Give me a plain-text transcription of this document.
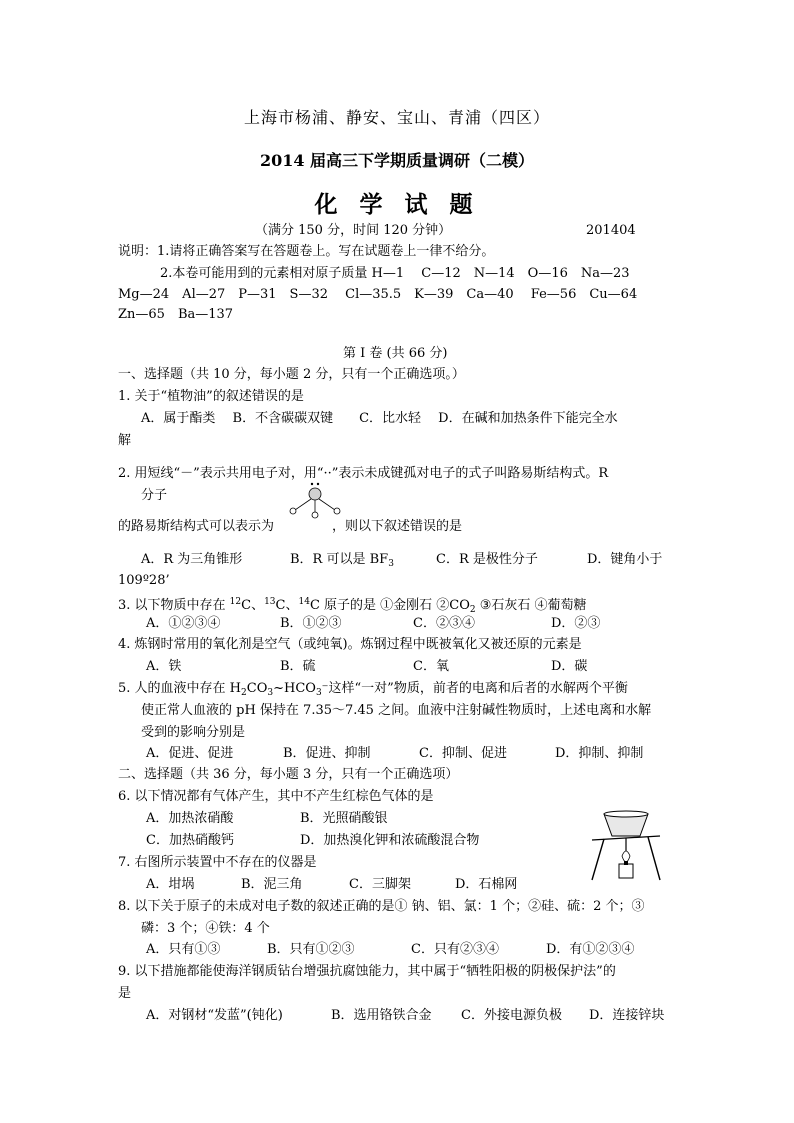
上海市杨浦、静安、宝山、青浦（四区）
2014 届高三下学期质量调研（二模）
化 学 试 题
（满分 150 分，时间 120 分钟）	201404
说明：1.请将正确答案写在答题卷上。写在试题卷上一律不给分。
2.本卷可能用到的元素相对原子质量 H—1　 C—12　N—14　O—16　Na—23
Mg—24　Al—27　P—31　S—32　 Cl—35.5　K—39　Ca—40　 Fe—56　Cu—64
Zn—65　Ba—137
第 I 卷 (共 66 分)
一、选择题（共 10 分，每小题 2 分，只有一个正确选项。）
1. 关于“植物油”的叙述错误的是
A．属于酯类　 B．不含碳碳双键　　C．比水轻　 D．在碱和加热条件下能完全水
解
2. 用短线“－”表示共用电子对，用“··”表示未成键孤对电子的式子叫路易斯结构式。R
分子
的路易斯结构式可以表示为	，则以下叙述错误的是
A．R 为三角锥形	B．R 可以是 $BF_3$	C．R 是极性分子	D．键角小于
109º28’
3. 以下物质中存在 $^{12}$C、$^{13}$C、$^{14}$C 原子的是 ①金刚石 $②CO_2$ ③石灰石 ④葡萄糖
A．①②③④	B．①②③	C．②③④	D．②③
4. 炼钢时常用的氧化剂是空气（或纯氧)。炼钢过程中既被氧化又被还原的元素是
A．铁	B．硫	C．氧	D．碳
5. 人的血液中存在 $H_2CO_3\sim HCO_3^-$这样“一对”物质，前者的电离和后者的水解两个平衡
使正常人血液的 pH 保持在 7.35～7.45 之间。血液中注射碱性物质时，上述电离和水解
受到的影响分别是
A．促进、促进	B．促进、抑制	C．抑制、促进	D．抑制、抑制
二、选择题（共 36 分，每小题 3 分，只有一个正确选项）
6. 以下情况都有气体产生，其中不产生红棕色气体的是
A．加热浓硝酸	B．光照硝酸银
C．加热硝酸钙	D．加热溴化钾和浓硫酸混合物
7. 右图所示装置中不存在的仪器是
A．坩埚	B．泥三角	C．三脚架	D．石棉网
8. 以下关于原子的未成对电子数的叙述正确的是① 钠、铝、氯：1 个；②硅、硫：2 个；③
磷：3 个；④铁：4 个
A．只有①③	B．只有①②③	C．只有②③④	D．有①②③④
9. 以下措施都能使海洋钢质钻台增强抗腐蚀能力，其中属于“牺牲阳极的阴极保护法”的
是
A．对钢材“发蓝”(钝化)	B．选用铬铁合金 C．外接电源负极 D．连接锌块
